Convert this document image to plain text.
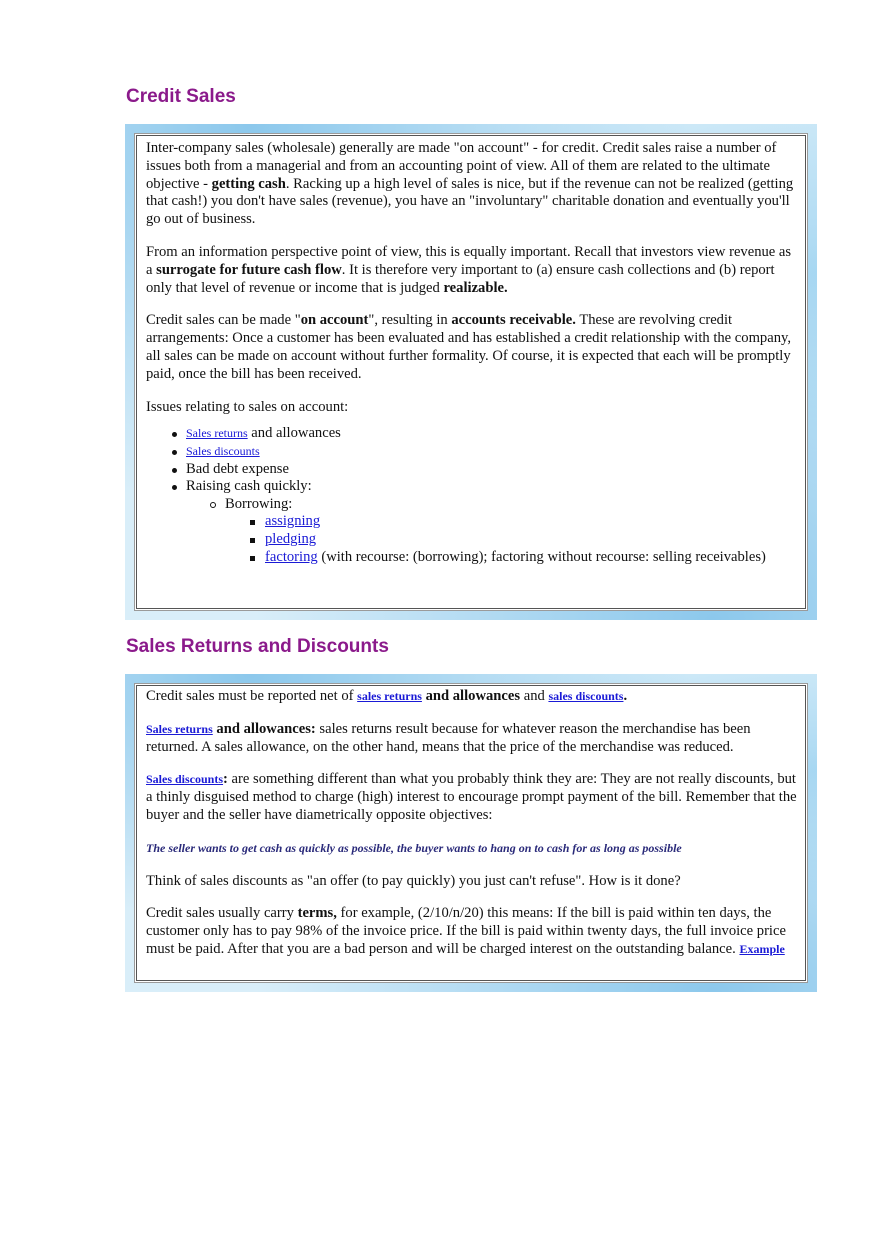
Credit Sales

Inter-company sales (wholesale) generally are made "on account" - for credit. Credit sales raise a number of issues both from a managerial and from an accounting point of view. All of them are related to the ultimate objective - getting cash. Racking up a high level of sales is nice, but if the revenue can not be realized (getting that cash!) you don't have sales (revenue), you have an "involuntary" charitable donation and eventually you'll go out of business.

From an information perspective point of view, this is equally important. Recall that investors view revenue as a surrogate for future cash flow. It is therefore very important to (a) ensure cash collections and (b) report only that level of revenue or income that is judged realizable.

Credit sales can be made "on account", resulting in accounts receivable. These are revolving credit arrangements: Once a customer has been evaluated and has established a credit relationship with the company, all sales can be made on account without further formality. Of course, it is expected that each will be promptly paid, once the bill has been received.

Issues relating to sales on account:

Sales returns and allowances
Sales discounts
Bad debt expense
Raising cash quickly:
Borrowing:
assigning
pledging
factoring (with recourse: (borrowing); factoring without recourse: selling receivables)
Sales Returns and Discounts

Credit sales must be reported net of sales returns and allowances and sales discounts.

Sales returns and allowances: sales returns result because for whatever reason the merchandise has been returned. A sales allowance, on the other hand, means that the price of the merchandise was reduced.

Sales discounts: are something different than what you probably think they are: They are not really discounts, but a thinly disguised method to charge (high) interest to encourage prompt payment of the bill. Remember that the buyer and the seller have diametrically opposite objectives:

The seller wants to get cash as quickly as possible, the buyer wants to hang on to cash for as long as possible

Think of sales discounts as "an offer (to pay quickly) you just can't refuse". How is it done?

Credit sales usually carry terms, for example, (2/10/n/20) this means: If the bill is paid within ten days, the customer only has to pay 98% of the invoice price. If the bill is paid within twenty days, the full invoice price must be paid. After that you are a bad person and will be charged interest on the outstanding balance. Example
